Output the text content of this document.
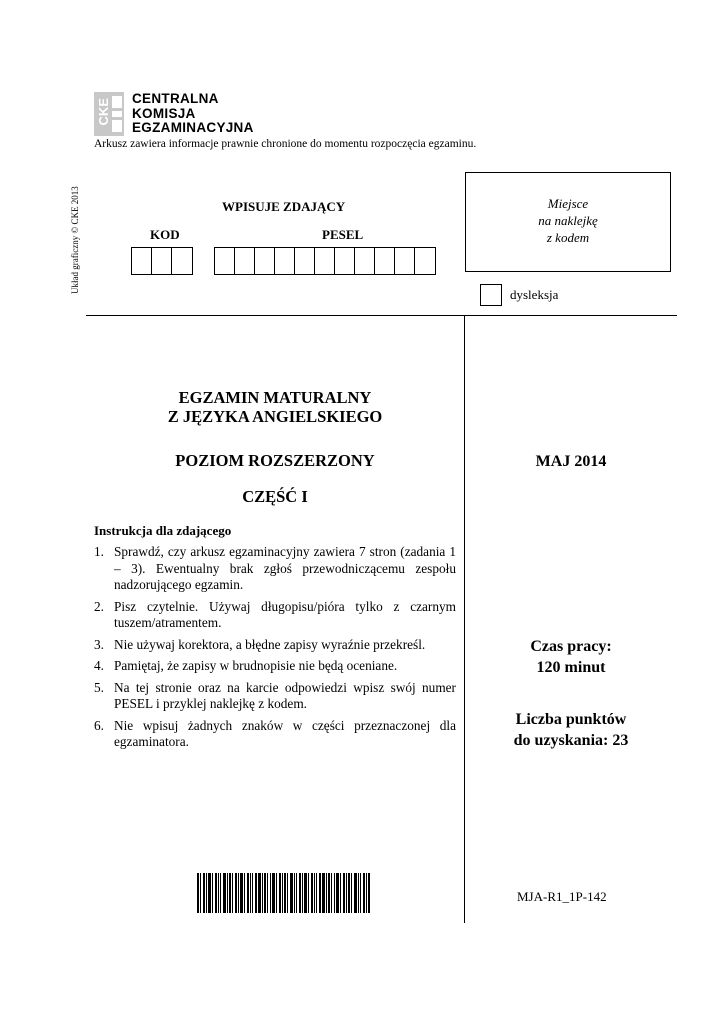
CKE CENTRALNA
KOMISJA
EGZAMINACYJNA
Arkusz zawiera informacje prawnie chronione do momentu rozpoczęcia egzaminu.
Układ graficzny © CKE 2013	WPISUJE ZDAJĄCY
KOD	PESEL
Miejsce
na naklejkę
z kodem
dysleksja
EGZAMIN MATURALNY
Z JĘZYKA ANGIELSKIEGO
POZIOM ROZSZERZONY
CZĘŚĆ I
MAJ 2014
Instrukcja dla zdającego
1. Sprawdź, czy arkusz egzaminacyjny zawiera 7 stron (zadania 1 – 3). Ewentualny brak zgłoś przewodniczącemu zespołu nadzorującego egzamin.
2. Pisz czytelnie. Używaj długopisu/pióra tylko z czarnym tuszem/atramentem.
3. Nie używaj korektora, a błędne zapisy wyraźnie przekreśl.
4. Pamiętaj, że zapisy w brudnopisie nie będą oceniane.
5. Na tej stronie oraz na karcie odpowiedzi wpisz swój numer PESEL i przyklej naklejkę z kodem.
6. Nie wpisuj żadnych znaków w części przeznaczonej dla egzaminatora.
Czas pracy:
120 minut
Liczba punktów
do uzyskania: 23
MJA-R1_1P-142
